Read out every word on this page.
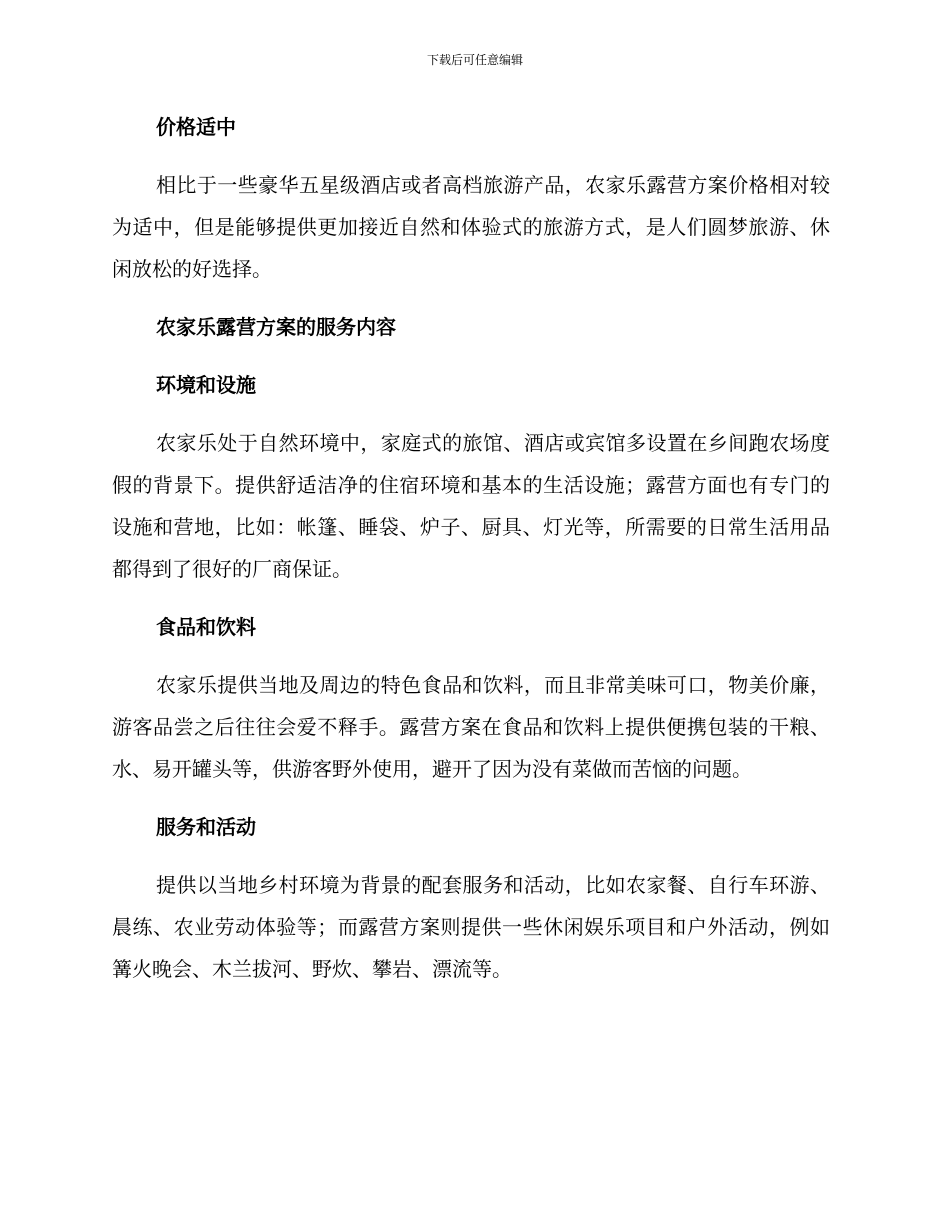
下载后可任意编辑
价格适中

相比于一些豪华五星级酒店或者高档旅游产品，农家乐露营方案价格相对较为适中，但是能够提供更加接近自然和体验式的旅游方式，是人们圆梦旅游、休闲放松的好选择。

农家乐露营方案的服务内容
环境和设施

农家乐处于自然环境中，家庭式的旅馆、酒店或宾馆多设置在乡间跑农场度假的背景下。提供舒适洁净的住宿环境和基本的生活设施；露营方面也有专门的设施和营地，比如：帐篷、睡袋、炉子、厨具、灯光等，所需要的日常生活用品都得到了很好的厂商保证。

食品和饮料

农家乐提供当地及周边的特色食品和饮料，而且非常美味可口，物美价廉，游客品尝之后往往会爱不释手。露营方案在食品和饮料上提供便携包装的干粮、水、易开罐头等，供游客野外使用，避开了因为没有菜做而苦恼的问题。

服务和活动

提供以当地乡村环境为背景的配套服务和活动，比如农家餐、自行车环游、晨练、农业劳动体验等；而露营方案则提供一些休闲娱乐项目和户外活动，例如篝火晚会、木兰拔河、野炊、攀岩、漂流等。
